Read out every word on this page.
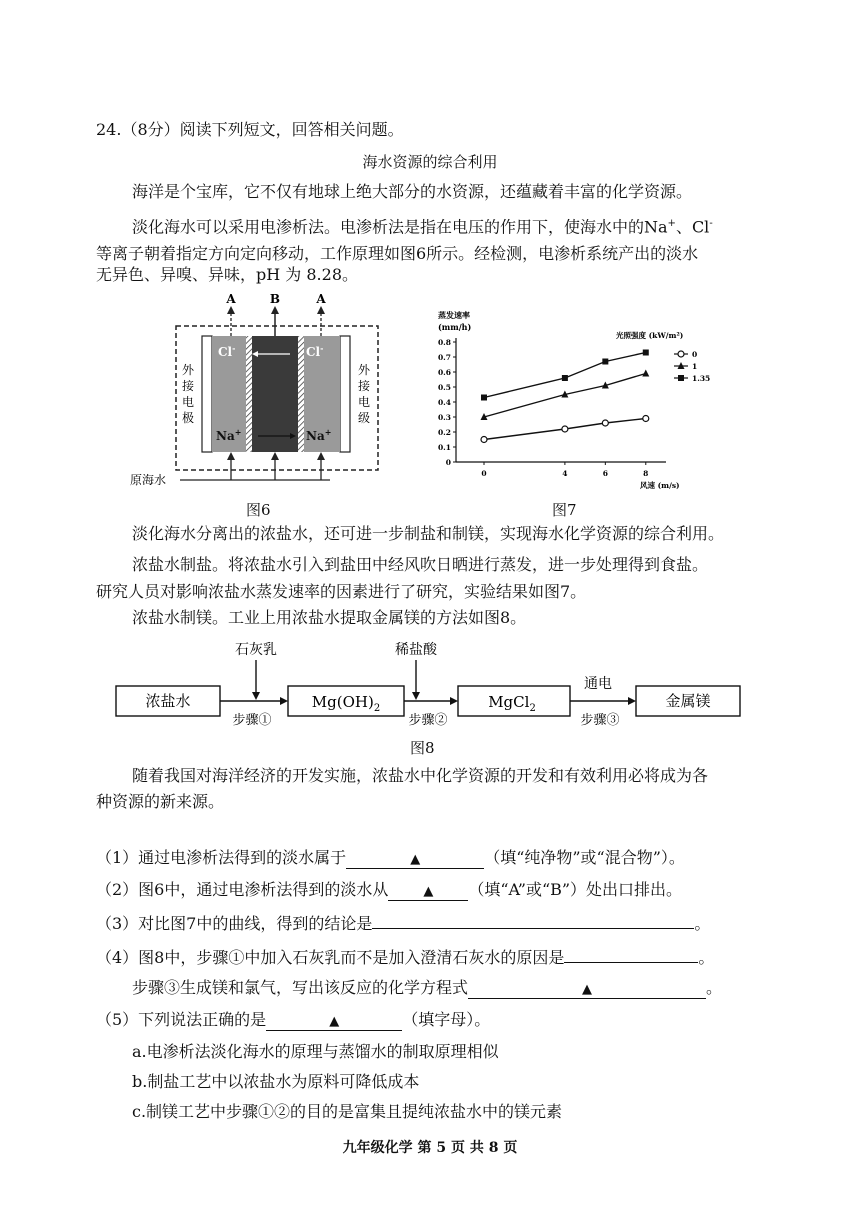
24.（8分）阅读下列短文，回答相关问题。
海水资源的综合利用
海洋是个宝库，它不仅有地球上绝大部分的水资源，还蕴藏着丰富的化学资源。
淡化海水可以采用电渗析法。电渗析法是指在电压的作用下，使海水中的Na+、Cl-
等离子朝着指定方向定向移动，工作原理如图6所示。经检测，电渗析系统产出的淡水
无异色、异嗅、异味，pH 为 8.28。
A	B	A
Cl-	Cl-
Na+	Na+
外
接
电
极
外
接
电
级
原海水
图6
蒸发速率
(mm/h)
光照强度 (kW/m²)
风速 (m/s)
0
0.1
0.2
0.3
0.4
0.5
0.6
0.7
0.8
0	4	6	8
0
1
1.35
图7
淡化海水分离出的浓盐水，还可进一步制盐和制镁，实现海水化学资源的综合利用。
浓盐水制盐。将浓盐水引入到盐田中经风吹日晒进行蒸发，进一步处理得到食盐。
研究人员对影响浓盐水蒸发速率的因素进行了研究，实验结果如图7。
浓盐水制镁。工业上用浓盐水提取金属镁的方法如图8。
浓盐水	$Mg(OH)_2$	MgCl$_2$	金属镁
石灰乳	稀盐酸
通电
步骤①	步骤②	步骤③
图8
随着我国对海洋经济的开发实施，浓盐水中化学资源的开发和有效利用必将成为各
种资源的新来源。
（1）通过电渗析法得到的淡水属于	▲	（填“纯净物”或“混合物”）。
（2）图6中，通过电渗析法得到的淡水从	▲ （填“A”或“B”）处出口排出。
（3）对比图7中的曲线，得到的结论是	。
（4）图8中，步骤①中加入石灰乳而不是加入澄清石灰水的原因是	。
步骤③生成镁和氯气，写出该反应的化学方程式	▲	。
（5）下列说法正确的是	▲	（填字母）。
a.电渗析法淡化海水的原理与蒸馏水的制取原理相似
b.制盐工艺中以浓盐水为原料可降低成本
c.制镁工艺中步骤①②的目的是富集且提纯浓盐水中的镁元素
九年级化学 第 5 页 共 8 页
